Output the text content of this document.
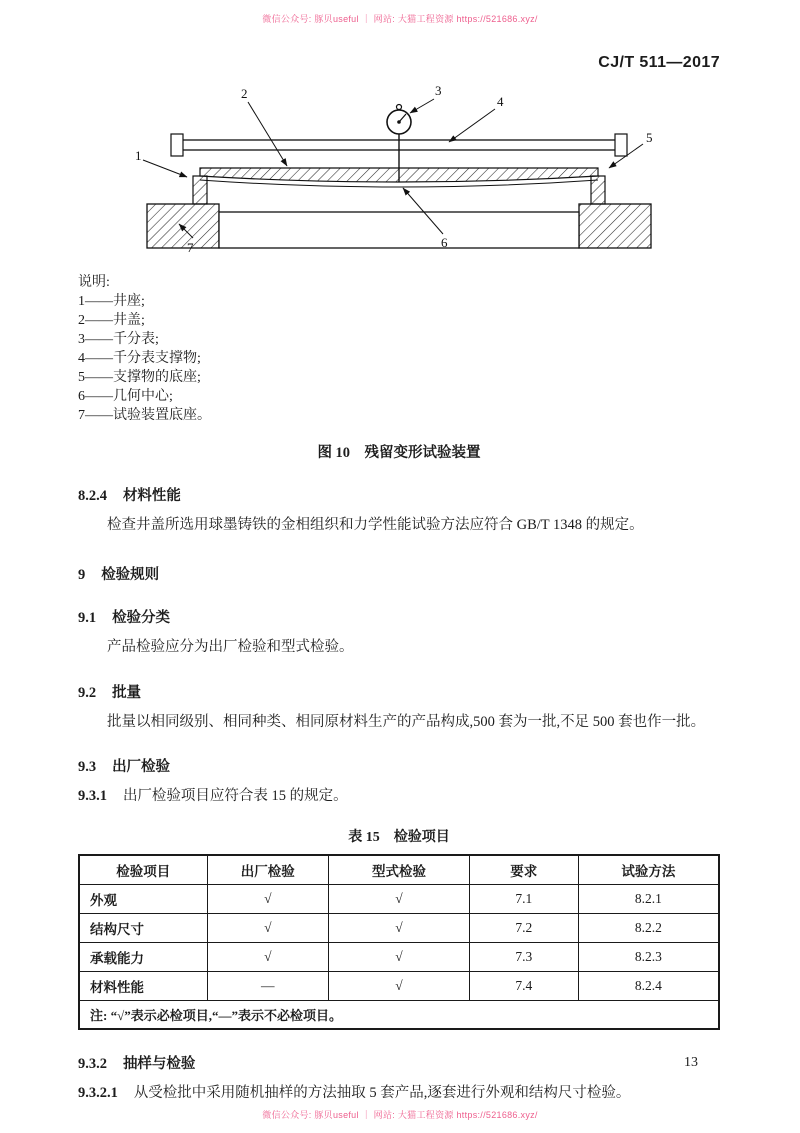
微信公众号: 豚贝useful ｜ 网站: 大猫工程资源 https://521686.xyz/
CJ/T 511—2017
1
2	3
4
5
6
7
说明:
1——井座;
2——井盖;
3——千分表;
4——千分表支撑物;
5——支撑物的底座;
6——几何中心;
7——试验装置底座。
图 10　残留变形试验装置
8.2.4 材料性能

检查井盖所选用球墨铸铁的金相组织和力学性能试验方法应符合 GB/T 1348 的规定。

9 检验规则
9.1 检验分类

产品检验应分为出厂检验和型式检验。

9.2 批量

批量以相同级别、相同种类、相同原材料生产的产品构成,500 套为一批,不足 500 套也作一批。

9.3 出厂检验

9.3.1 出厂检验项目应符合表 15 的规定。

表 15　检验项目
检验项目	出厂检验	型式检验	要求	试验方法
外观	√	√	7.1	8.2.1
结构尺寸	√	√	7.2	8.2.2
承载能力	√	√	7.3	8.2.3
材料性能	—	√	7.4	8.2.4
注: “√”表示必检项目,“—”表示不必检项目。				
9.3.2 抽样与检验

9.3.2.1 从受检批中采用随机抽样的方法抽取 5 套产品,逐套进行外观和结构尺寸检验。

13
微信公众号: 豚贝useful ｜ 网站: 大猫工程资源 https://521686.xyz/
